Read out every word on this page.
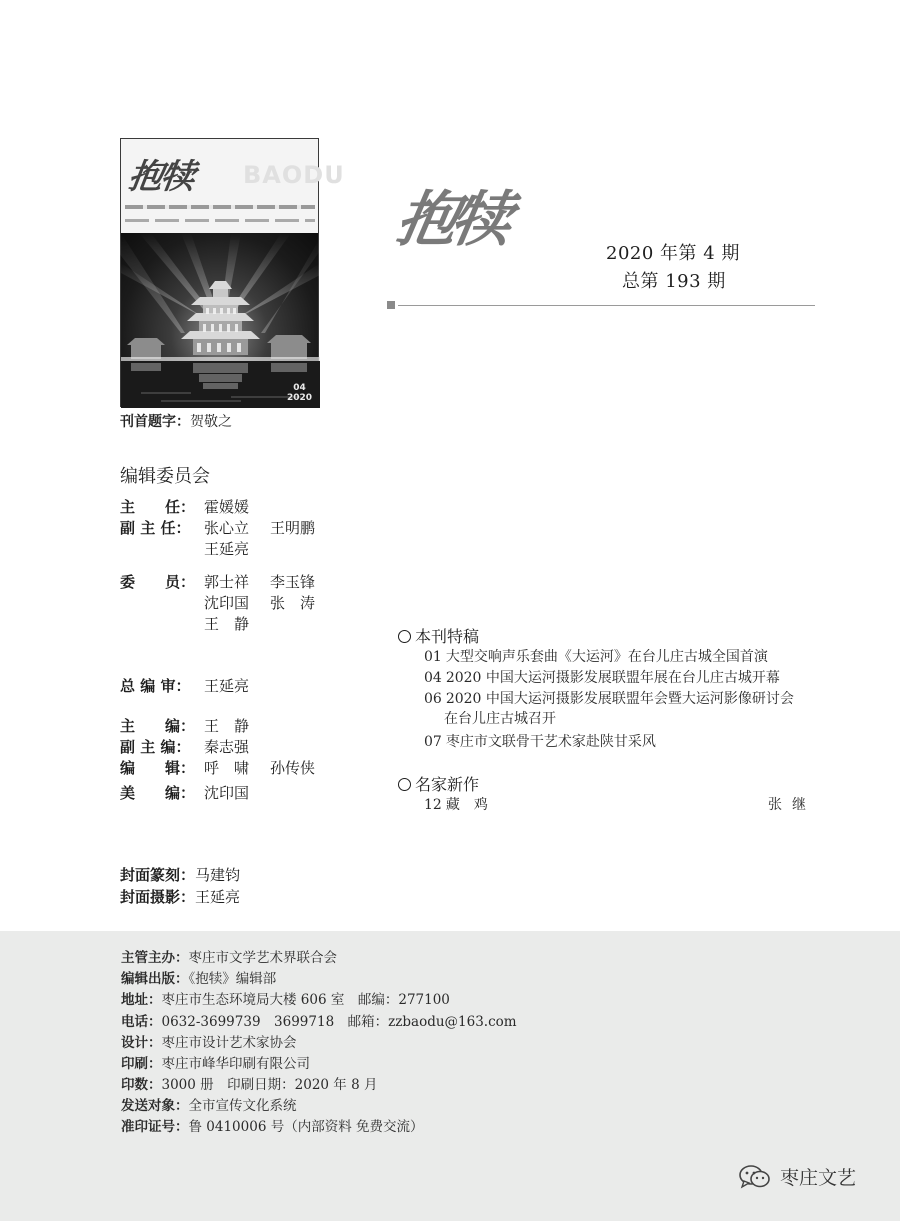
抱犊 BAODU
04
2020
刊首题字：贺敬之
抱犊	2020 年第 4 期
总第 193 期
编辑委员会
主　　任： 霍媛媛
副 主 任： 张心立 王明鹏
王延亮
委　　员： 郭士祥 李玉锋
沈印国 张　涛
王　静
总 编 审： 王延亮
主　　编： 王　静
副 主 编： 秦志强
编　　辑： 呼　啸 孙传侠
美　　编： 沈印国
封面篆刻：马建钧
封面摄影：王延亮
本刊特稿
01 大型交响声乐套曲《大运河》在台儿庄古城全国首演
04 2020 中国大运河摄影发展联盟年展在台儿庄古城开幕
06 2020 中国大运河摄影发展联盟年会暨大运河影像研讨会
在台儿庄古城召开
07 枣庄市文联骨干艺术家赴陕甘采风
名家新作
12 藏　鸡	张继
主管主办：枣庄市文学艺术界联合会
编辑出版：《抱犊》编辑部
地址：枣庄市生态环境局大楼 606 室　邮编：277100
电话：0632-3699739　3699718　邮箱：zzbaodu@163.com
设计：枣庄市设计艺术家协会
印刷：枣庄市峰华印刷有限公司
印数：3000 册　印刷日期：2020 年 8 月
发送对象：全市宣传文化系统
准印证号：鲁 0410006 号（内部资料 免费交流）
枣庄文艺
